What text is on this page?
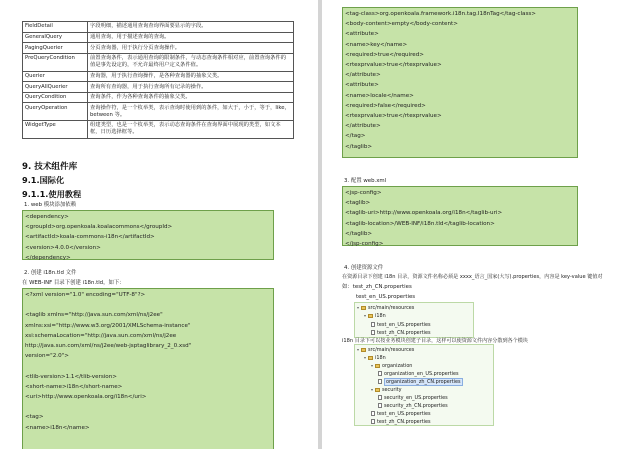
FieldDetail	字段明细，描述通用查询查询界面要显示的字段。
GeneralQuery	通用查询，用于描述查询的查询。
PagingQuerier	分页查询器，用于执行分页查询操作。
PreQueryCondition	前置查询条件，表示通用查询的限制条件，与动态查询条件相对应，前置查询条件的值是事先设定的，不允许最终用户定义条件值。
Querier	查询器，用于执行查询操作，是各种查询器的抽象父类。
QueryAllQuerier	查询所有查询器，用于执行查询所有记录的操作。
QueryCondition	查询条件，作为各种查询条件的抽象父类。
QueryOperation	查询操作符，是一个枚举类，表示查询时使用到的条件，如大于，小于，等于，like，between 等。
WidgetType	组建类型，也是一个枚举类，表示动态查询条件在查询界面中展现的类型，如文本框，日历选择框等。
9. 技术组件库
9.1.国际化
9.1.1.使用教程
1. web 模块添加依赖
<dependency>
<groupId>org.openkoala.koalacommons</groupId>
<artifactId>koala-commons-i18n</artifactId>
<version>4.0.0</version>
</dependency>
2. 创建 i18n.tld 文件
在 WEB-INF 目录下创建 i18n.tld，如下：
<?xml version="1.0" encoding="UTF-8"?>

<taglib xmlns="http://java.sun.com/xml/ns/j2ee"
xmlns:xsi="http://www.w3.org/2001/XMLSchema-instance"
xsi:schemaLocation="http://java.sun.com/xml/ns/j2ee
http://java.sun.com/xml/ns/j2ee/web-jsptaglibrary_2_0.xsd"
version="2.0">

<tlib-version>1.1</tlib-version>
<short-name>i18n</short-name>
<uri>http://www.openkoala.org/i18n</uri>

<tag>
<name>i18n</name>
<tag-class>org.openkoala.framework.i18n.tag.I18nTag</tag-class>
<body-content>empty</body-content>
<attribute>
<name>key</name>
<required>true</required>
<rtexprvalue>true</rtexprvalue>
</attribute>
<attribute>
<name>locale</name>
<required>false</required>
<rtexprvalue>true</rtexprvalue>
</attribute>
</tag>
</taglib>
3. 配置 web.xml
<jsp-config>
<taglib>
<taglib-uri>http://www.openkoala.org/i18n</taglib-uri>
<taglib-location>/WEB-INF/i18n.tld</taglib-location>
</taglib>
</jsp-config>
4. 创建资源文件
在资源目录下创建 i18n 目录，资源文件名称必须是 xxxx_语言_国家(大写).properties，内容是 key-value 键值对
如：test_zh_CN.properties
test_en_US.properties
▾ src/main/resources
▾ i18n
test_en_US.properties
test_zh_CN.properties
i18n 目录下可以按业务模块创建子目录，这样可以使资源文件内容分散到各个模块
▾ src/main/resources
▾ i18n
▾ organization
organization_en_US.properties
organization_zh_CN.properties
▾ security
security_en_US.properties
security_zh_CN.properties
test_en_US.properties
test_zh_CN.properties
